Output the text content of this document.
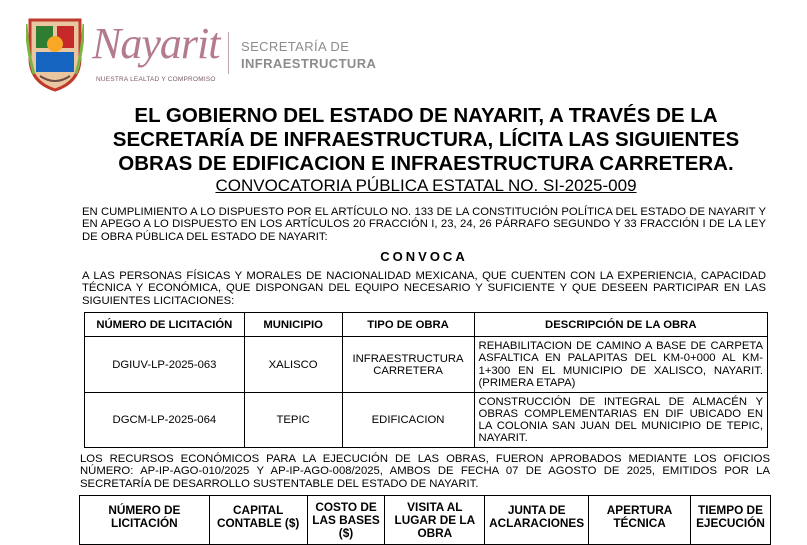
Nayarit
NUESTRA LEALTAD Y COMPROMISO
SECRETARÍA DE
INFRAESTRUCTURA
EL GOBIERNO DEL ESTADO DE NAYARIT, A TRAVÉS DE LA
SECRETARÍA DE INFRAESTRUCTURA, LÍCITA LAS SIGUIENTES
OBRAS DE EDIFICACION E INFRAESTRUCTURA CARRETERA.
CONVOCATORIA PÚBLICA ESTATAL NO. SI-2025-009
EN CUMPLIMIENTO A LO DISPUESTO POR EL ARTÍCULO NO. 133 DE LA CONSTITUCIÓN POLÍTICA DEL ESTADO DE NAYARIT Y EN APEGO A LO DISPUESTO EN LOS ARTÍCULOS 20 FRACCIÓN I, 23, 24, 26 PÁRRAFO SEGUNDO Y 33 FRACCIÓN I DE LA LEY DE OBRA PÚBLICA DEL ESTADO DE NAYARIT:
CONVOCA
A LAS PERSONAS FÍSICAS Y MORALES DE NACIONALIDAD MEXICANA, QUE CUENTEN CON LA EXPERIENCIA, CAPACIDAD TÉCNICA Y ECONÓMICA, QUE DISPONGAN DEL EQUIPO NECESARIO Y SUFICIENTE Y QUE DESEEN PARTICIPAR EN LAS SIGUIENTES LICITACIONES:
NÚMERO DE LICITACIÓN	MUNICIPIO	TIPO DE OBRA	DESCRIPCIÓN DE LA OBRA
DGIUV-LP-2025-063	XALISCO	INFRAESTRUCTURA CARRETERA	REHABILITACION DE CAMINO A BASE DE CARPETA ASFALTICA EN PALAPITAS DEL KM-0+000 AL KM-1+300 EN EL MUNICIPIO DE XALISCO, NAYARIT. (PRIMERA ETAPA)
DGCM-LP-2025-064	TEPIC	EDIFICACION	CONSTRUCCIÓN DE INTEGRAL DE ALMACÉN Y OBRAS COMPLEMENTARIAS EN DIF UBICADO EN LA COLONIA SAN JUAN DEL MUNICIPIO DE TEPIC, NAYARIT.
LOS RECURSOS ECONÓMICOS PARA LA EJECUCIÓN DE LAS OBRAS, FUERON APROBADOS MEDIANTE LOS OFICIOS NÚMERO: AP-IP-AGO-010/2025 Y AP-IP-AGO-008/2025, AMBOS DE FECHA 07 DE AGOSTO DE 2025, EMITIDOS POR LA SECRETARÍA DE DESARROLLO SUSTENTABLE DEL ESTADO DE NAYARIT.
NÚMERO DE LICITACIÓN	CAPITAL CONTABLE ($)	COSTO DE LAS BASES ($)	VISITA AL LUGAR DE LA OBRA	JUNTA DE ACLARACIONES	APERTURA TÉCNICA	TIEMPO DE EJECUCIÓN
